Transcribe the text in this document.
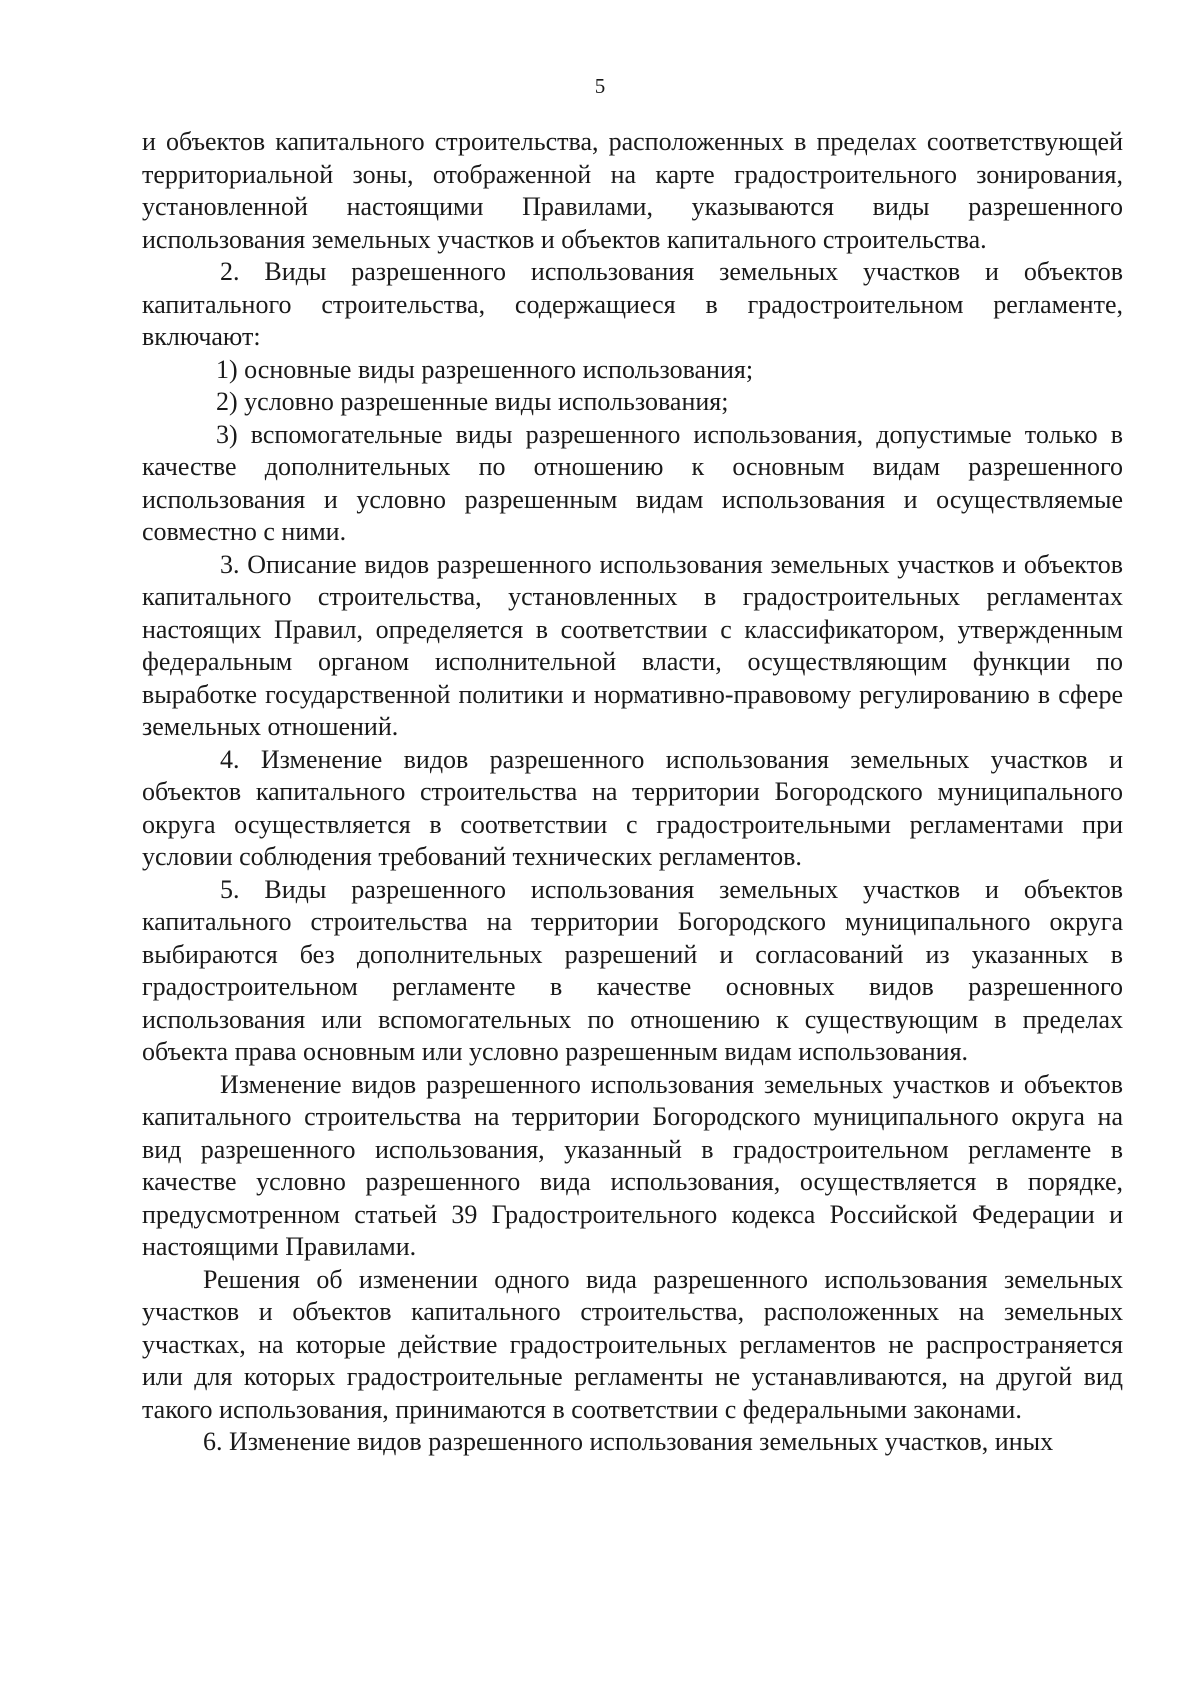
5

и объектов капитального строительства, расположенных в пределах соответствующей территориальной зоны, отображенной на карте градостроительного зонирования, установленной настоящими Правилами, указываются виды разрешенного использования земельных участков и объектов капитального строительства.

2. Виды разрешенного использования земельных участков и объектов капитального строительства, содержащиеся в градостроительном регламенте, включают:

1) основные виды разрешенного использования;

2) условно разрешенные виды использования;

3) вспомогательные виды разрешенного использования, допустимые только в качестве дополнительных по отношению к основным видам разрешенного использования и условно разрешенным видам использования и осуществляемые совместно с ними.

3. Описание видов разрешенного использования земельных участков и объектов капитального строительства, установленных в градостроительных регламентах настоящих Правил, определяется в соответствии с классификатором, утвержденным федеральным органом исполнительной власти, осуществляющим функции по выработке государственной политики и нормативно-правовому регулированию в сфере земельных отношений.

4. Изменение видов разрешенного использования земельных участков и объектов капитального строительства на территории Богородского муниципального округа осуществляется в соответствии с градостроительными регламентами при условии соблюдения требований технических регламентов.

5. Виды разрешенного использования земельных участков и объектов капитального строительства на территории Богородского муниципального округа выбираются без дополнительных разрешений и согласований из указанных в градостроительном регламенте в качестве основных видов разрешенного использования или вспомогательных по отношению к существующим в пределах объекта права основным или условно разрешенным видам использования.

Изменение видов разрешенного использования земельных участков и объектов капитального строительства на территории Богородского муниципального округа на вид разрешенного использования, указанный в градостроительном регламенте в качестве условно разрешенного вида использования, осуществляется в порядке, предусмотренном статьей 39 Градостроительного кодекса Российской Федерации и настоящими Правилами.

Решения об изменении одного вида разрешенного использования земельных участков и объектов капитального строительства, расположенных на земельных участках, на которые действие градостроительных регламентов не распространяется или для которых градостроительные регламенты не устанавливаются, на другой вид такого использования, принимаются в соответствии с федеральными законами.

6. Изменение видов разрешенного использования земельных участков, иных
